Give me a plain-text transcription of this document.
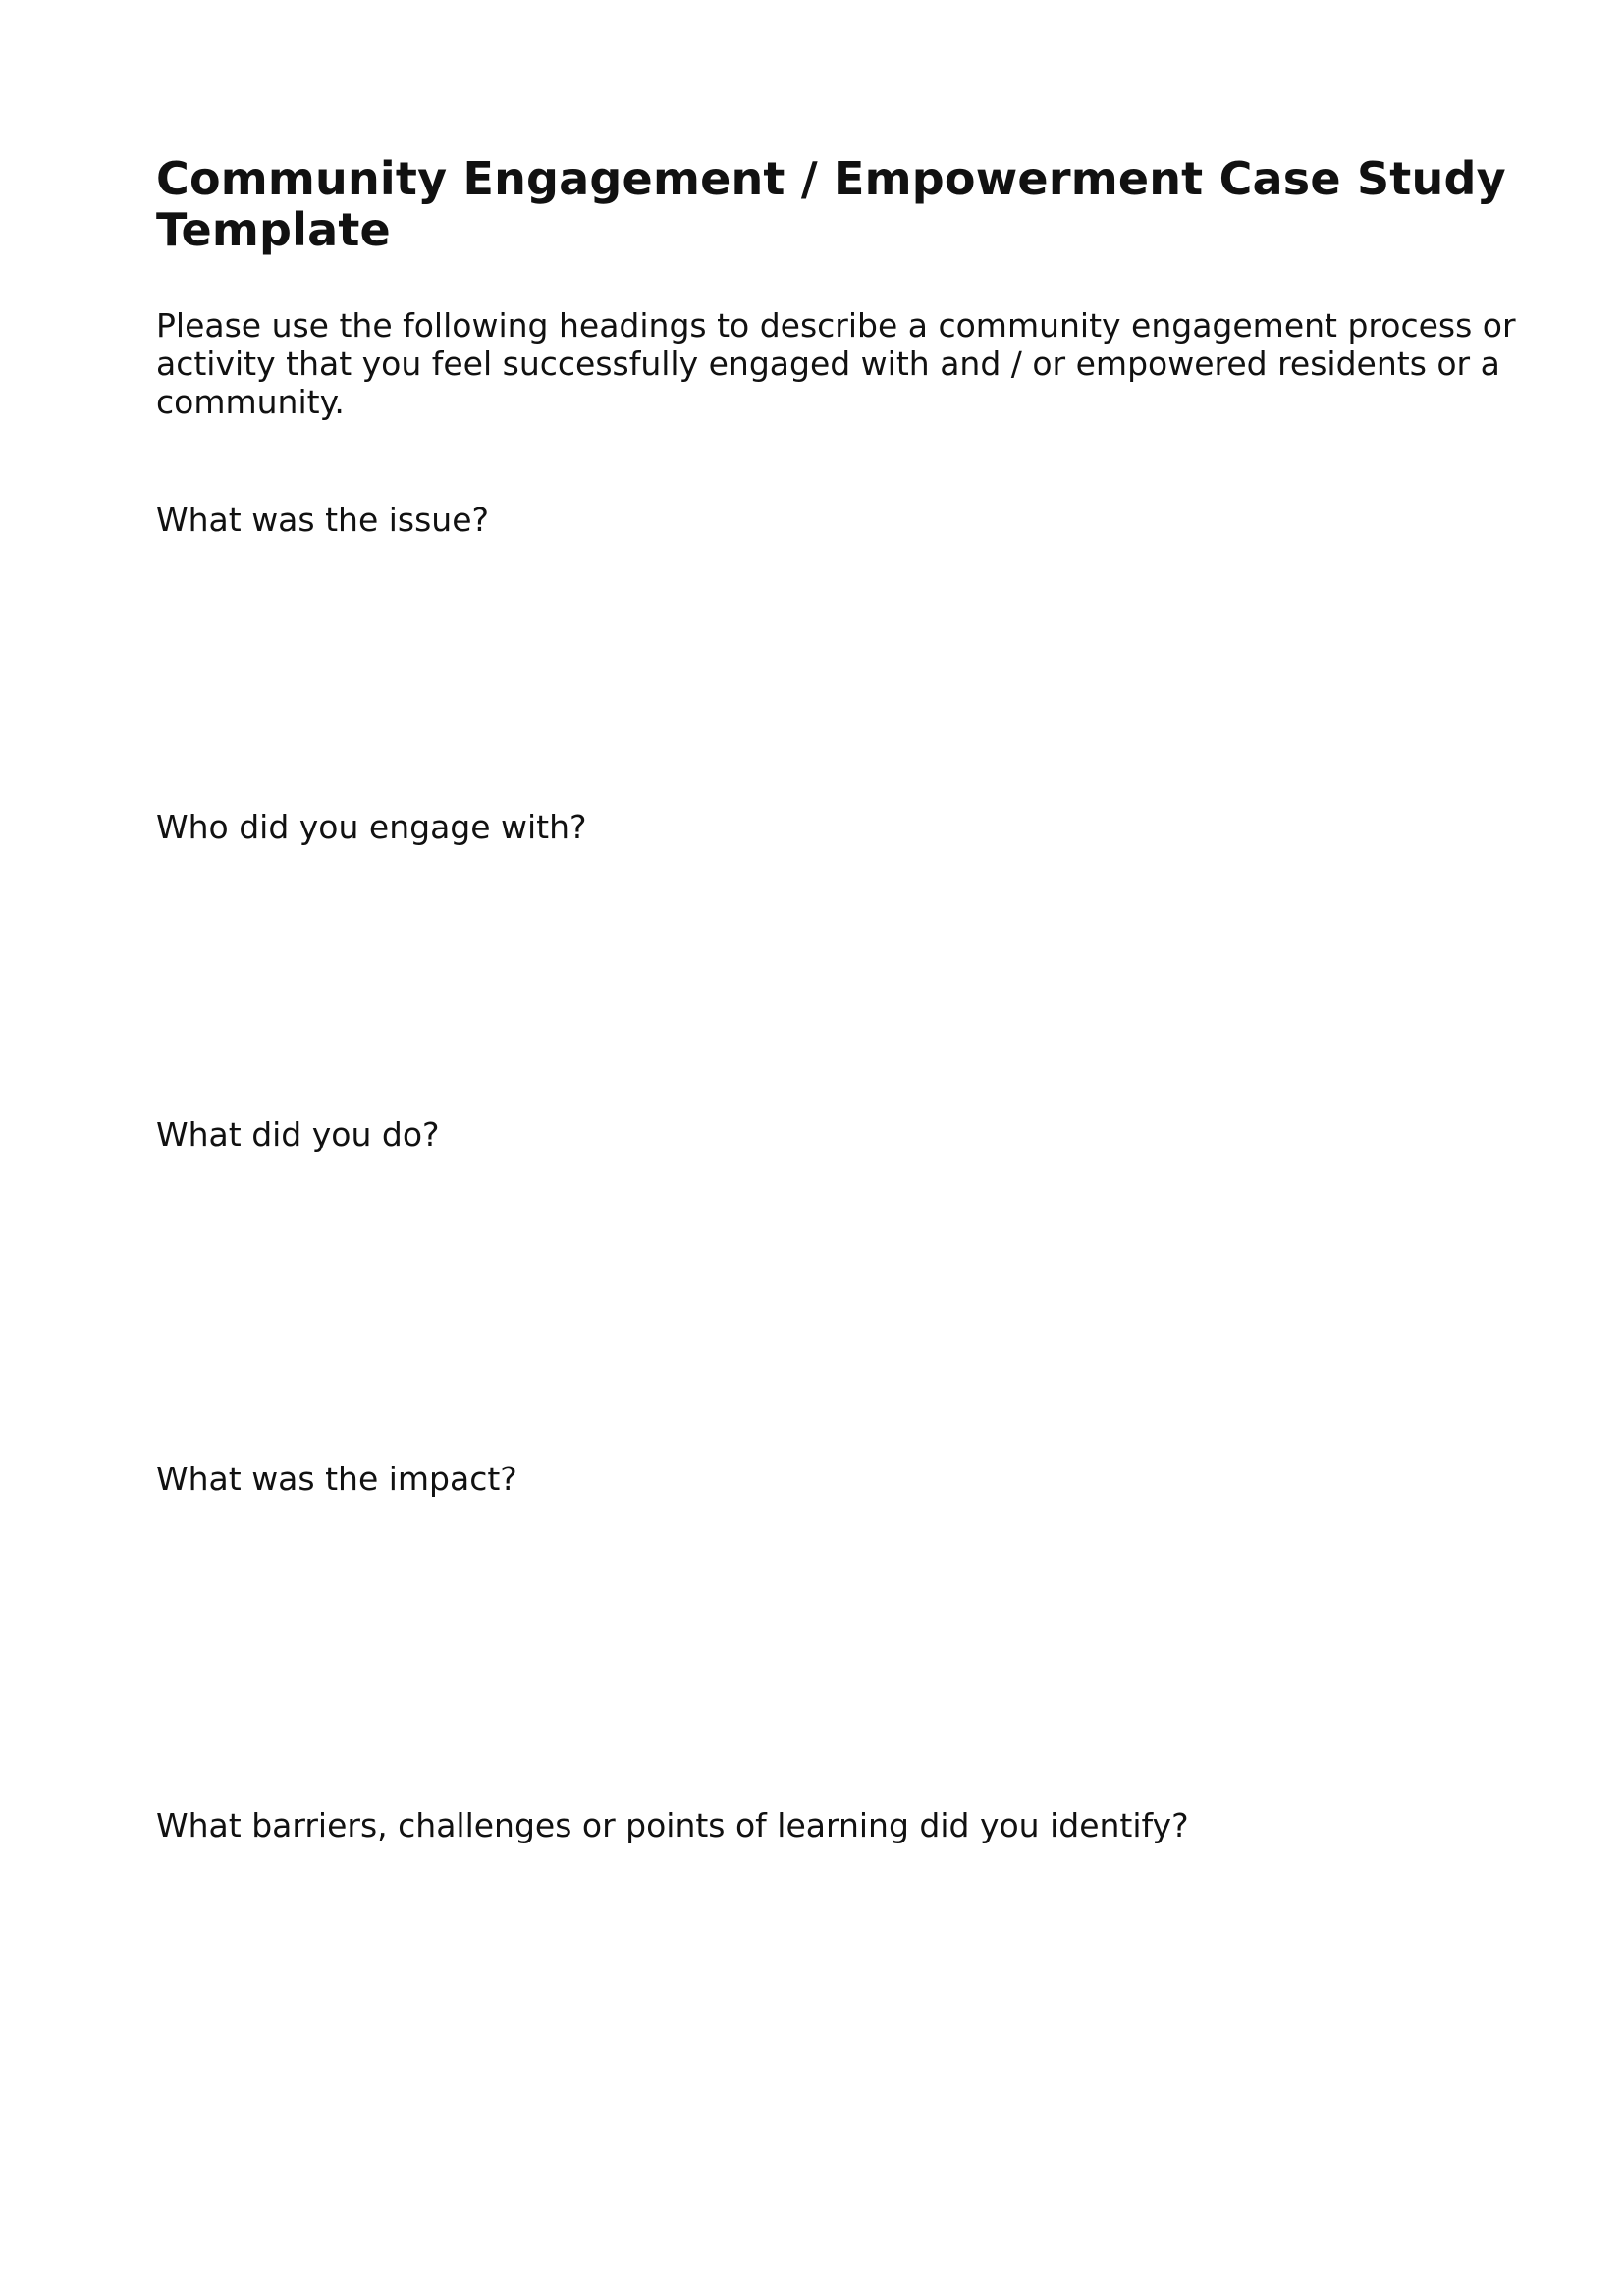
Community Engagement / Empowerment Case Study Template

Please use the following headings to describe a community engagement process or activity that you feel successfully engaged with and / or empowered residents or a community.

What was the issue?

Who did you engage with?

What did you do?

What was the impact?

What barriers, challenges or points of learning did you identify?
